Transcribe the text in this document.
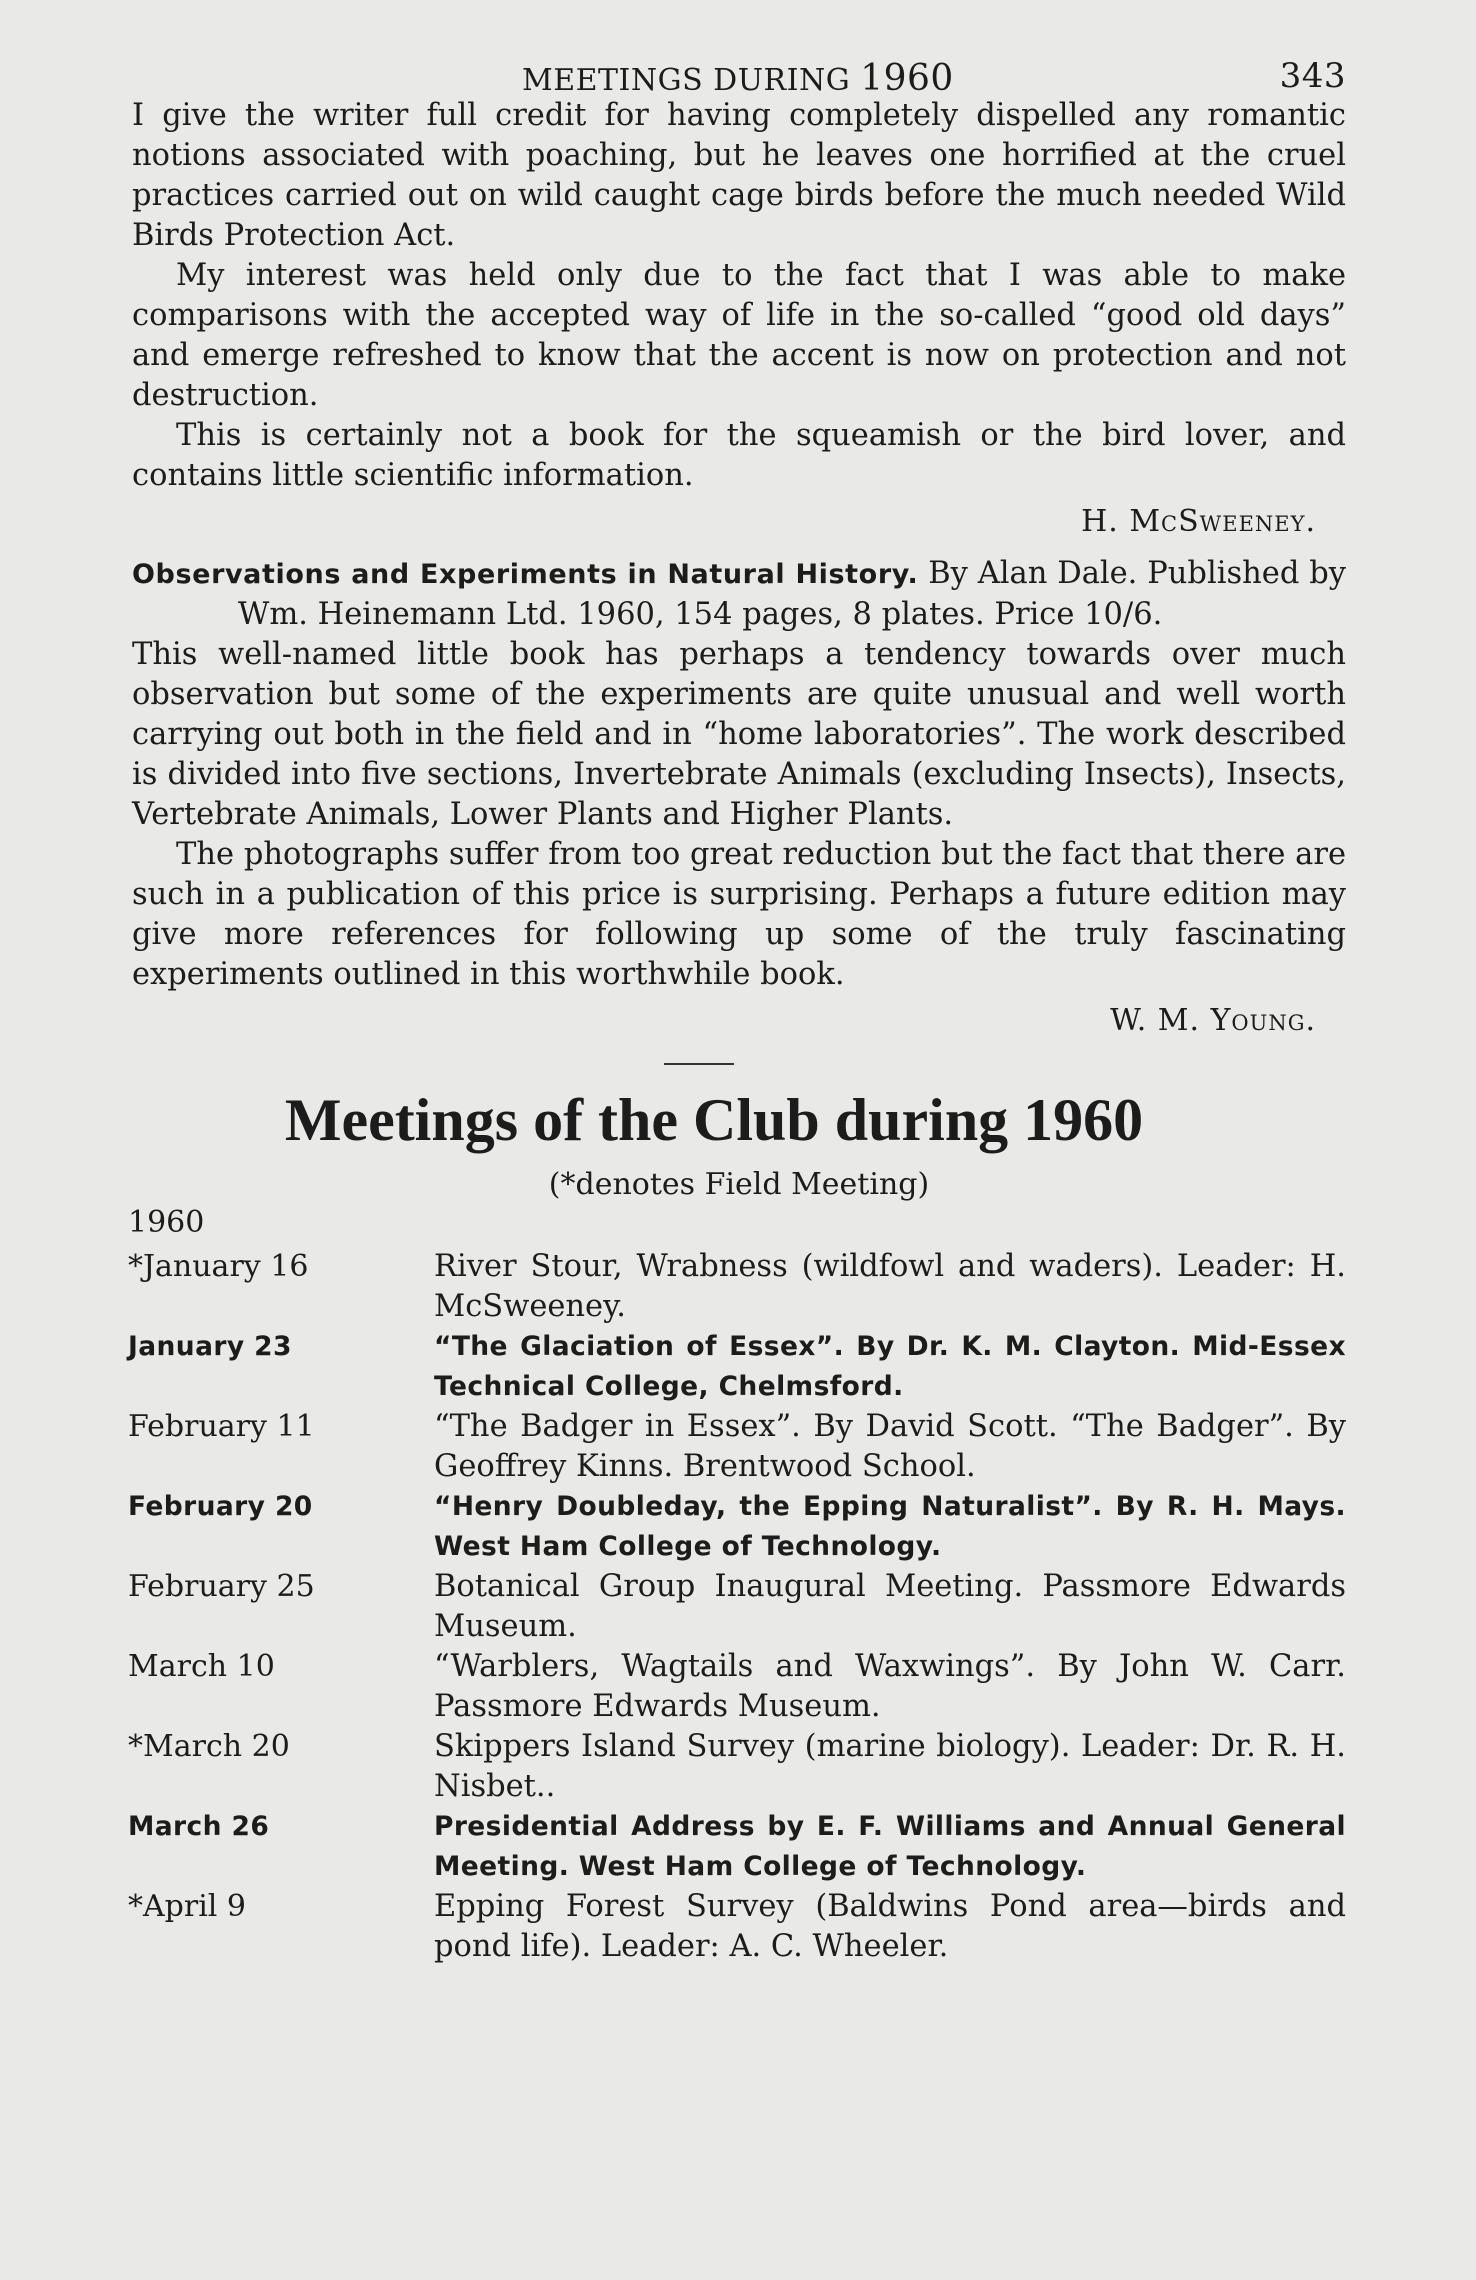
MEETINGS DURING 1960	343

I give the writer full credit for having completely dispelled any romantic notions associated with poaching, but he leaves one horrified at the cruel practices carried out on wild caught cage birds before the much needed Wild Birds Protection Act.

My interest was held only due to the fact that I was able to make comparisons with the accepted way of life in the so-called “good old days” and emerge refreshed to know that the accent is now on protection and not destruction.

This is certainly not a book for the squeamish or the bird lover, and contains little scientific information.

H. McSweeney.
Observations and Experiments in Natural History. By Alan Dale. Published by Wm. Heinemann Ltd. 1960, 154 pages, 8 plates. Price 10/6.

This well-named little book has perhaps a tendency towards over much observation but some of the experiments are quite unusual and well worth carrying out both in the field and in “home laboratories”. The work described is divided into five sections, Invertebrate Animals (excluding Insects), Insects, Vertebrate Animals, Lower Plants and Higher Plants.

The photographs suffer from too great reduction but the fact that there are such in a publication of this price is surprising. Perhaps a future edition may give more references for following up some of the truly fascinating experiments outlined in this worthwhile book.

W. M. Young.
Meetings of the Club during 1960
(*denotes Field Meeting)
1960
*January 16	River Stour, Wrabness (wildfowl and waders). Leader: H. McSweeney.
January 23	“The Glaciation of Essex”. By Dr. K. M. Clayton. Mid-Essex Technical College, Chelmsford.
February 11	“The Badger in Essex”. By David Scott. “The Badger”. By Geoffrey Kinns. Brentwood School.
February 20	“Henry Doubleday, the Epping Naturalist”. By R. H. Mays. West Ham College of Technology.
February 25	Botanical Group Inaugural Meeting. Passmore Edwards Museum.
March 10	“Warblers, Wagtails and Waxwings”. By John W. Carr. Passmore Edwards Museum.
*March 20	Skippers Island Survey (marine biology). Leader: Dr. R. H. Nisbet..
March 26	Presidential Address by E. F. Williams and Annual General Meeting. West Ham College of Technology.
*April 9	Epping Forest Survey (Baldwins Pond area—birds and pond life). Leader: A. C. Wheeler.
